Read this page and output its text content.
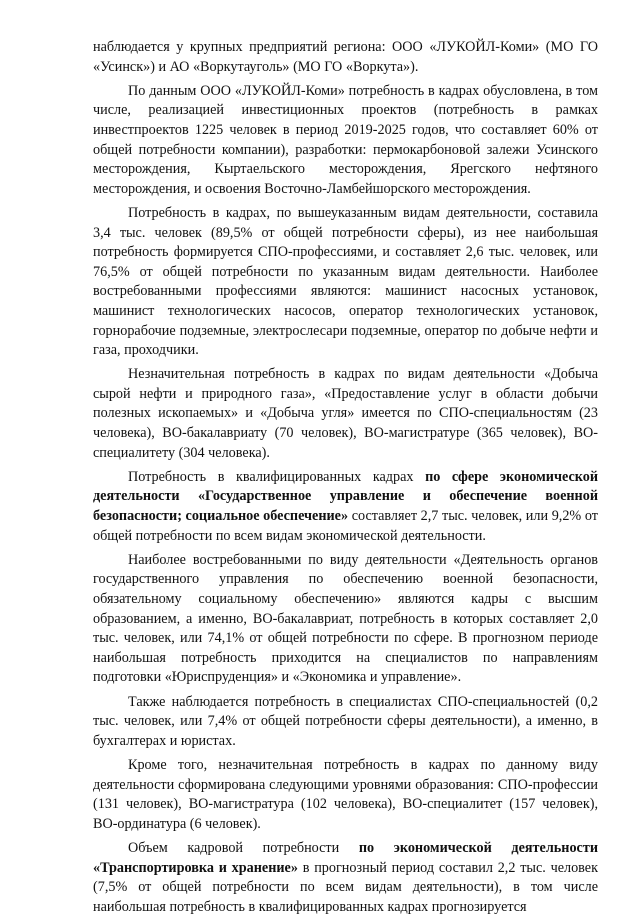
наблюдается у крупных предприятий региона: ООО «ЛУКОЙЛ-Коми» (МО ГО «Усинск») и АО «Воркутауголь» (МО ГО «Воркута»).

По данным ООО «ЛУКОЙЛ-Коми» потребность в кадрах обусловлена, в том числе, реализацией инвестиционных проектов (потребность в рамках инвестпроектов 1225 человек в период 2019-2025 годов, что составляет 60% от общей потребности компании), разработки: пермокарбоновой залежи Усинского месторождения, Кыртаельского месторождения, Ярегского нефтяного месторождения, и освоения Восточно-Ламбейшорского месторождения.

Потребность в кадрах, по вышеуказанным видам деятельности, составила 3,4 тыс. человек (89,5% от общей потребности сферы), из нее наибольшая потребность формируется СПО-профессиями, и составляет 2,6 тыс. человек, или 76,5% от общей потребности по указанным видам деятельности. Наиболее востребованными профессиями являются: машинист насосных установок, машинист технологических насосов, оператор технологических установок, горнорабочие подземные, электрослесари подземные, оператор по добыче нефти и газа, проходчики.

Незначительная потребность в кадрах по видам деятельности «Добыча сырой нефти и природного газа», «Предоставление услуг в области добычи полезных ископаемых» и «Добыча угля» имеется по СПО-специальностям (23 человека), ВО-бакалавриату (70 человек), ВО-магистратуре (365 человек), ВО-специалитету (304 человека).

Потребность в квалифицированных кадрах по сфере экономической деятельности «Государственное управление и обеспечение военной безопасности; социальное обеспечение» составляет 2,7 тыс. человек, или 9,2% от общей потребности по всем видам экономической деятельности.

Наиболее востребованными по виду деятельности «Деятельность органов государственного управления по обеспечению военной безопасности, обязательному социальному обеспечению» являются кадры с высшим образованием, а именно, ВО-бакалавриат, потребность в которых составляет 2,0 тыс. человек, или 74,1% от общей потребности по сфере. В прогнозном периоде наибольшая потребность приходится на специалистов по направлениям подготовки «Юриспруденция» и «Экономика и управление».

Также наблюдается потребность в специалистах СПО-специальностей (0,2 тыс. человек, или 7,4% от общей потребности сферы деятельности), а именно, в бухгалтерах и юристах.

Кроме того, незначительная потребность в кадрах по данному виду деятельности сформирована следующими уровнями образования: СПО-профессии (131 человек), ВО-магистратура (102 человека), ВО-специалитет (157 человек), ВО-ординатура (6 человек).

Объем кадровой потребности по экономической деятельности «Транспортировка и хранение» в прогнозный период составил 2,2 тыс. человек (7,5% от общей потребности по всем видам деятельности), в том числе наибольшая потребность в квалифицированных кадрах прогнозируется
